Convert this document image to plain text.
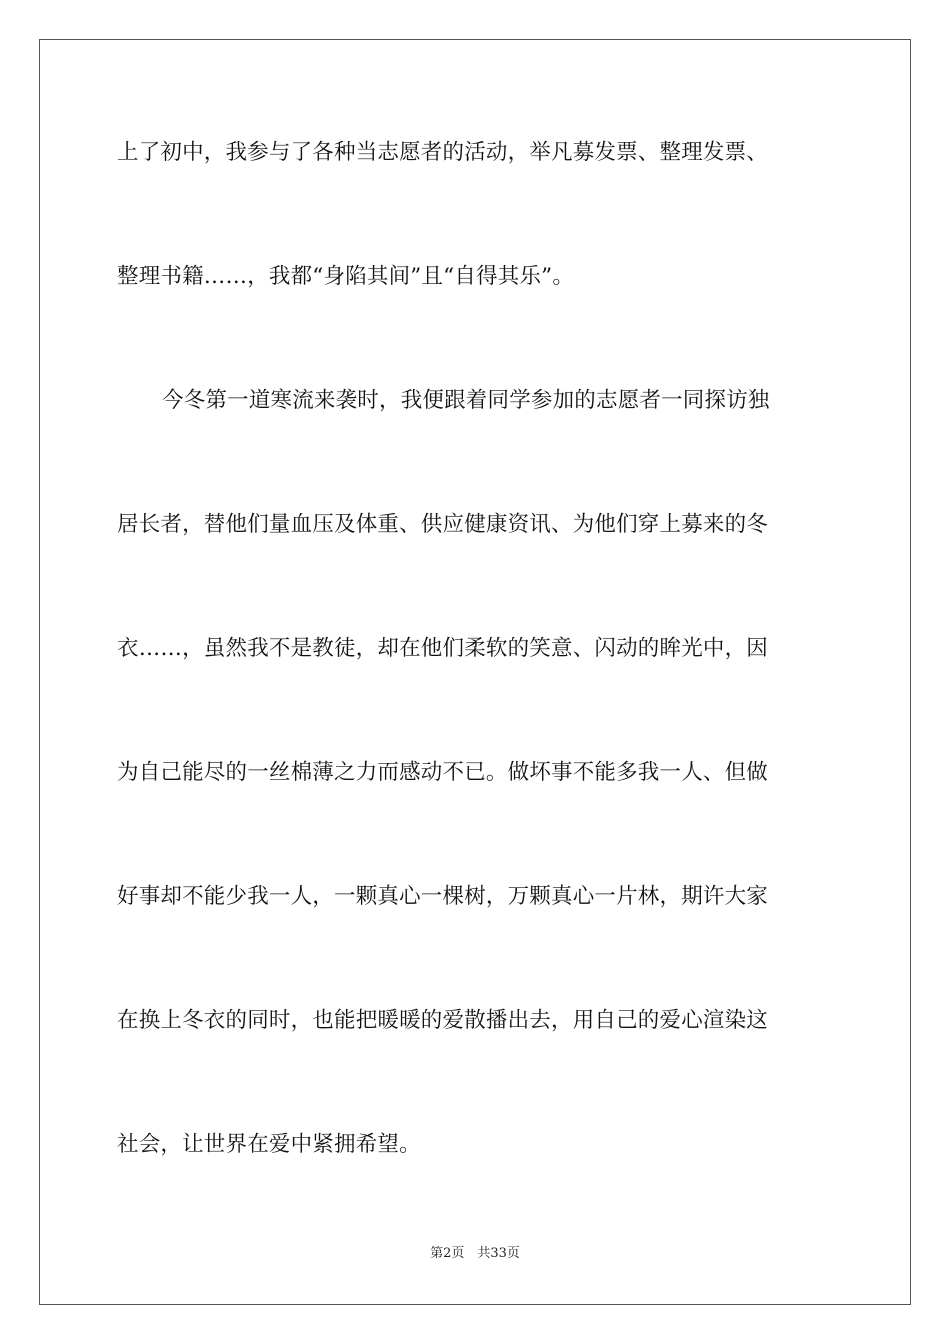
上了初中，我参与了各种当志愿者的活动，举凡募发票、整理发票、
整理书籍……，我都“身陷其间”且“自得其乐”。
今冬第一道寒流来袭时，我便跟着同学参加的志愿者一同探访独
居长者，替他们量血压及体重、供应健康资讯、为他们穿上募来的冬
衣……，虽然我不是教徒，却在他们柔软的笑意、闪动的眸光中，因
为自己能尽的一丝棉薄之力而感动不已。做坏事不能多我一人、但做
好事却不能少我一人，一颗真心一棵树，万颗真心一片林，期许大家
在换上冬衣的同时，也能把暖暖的爱散播出去，用自己的爱心渲染这
社会，让世界在爱中紧拥希望。
第2页　共33页
